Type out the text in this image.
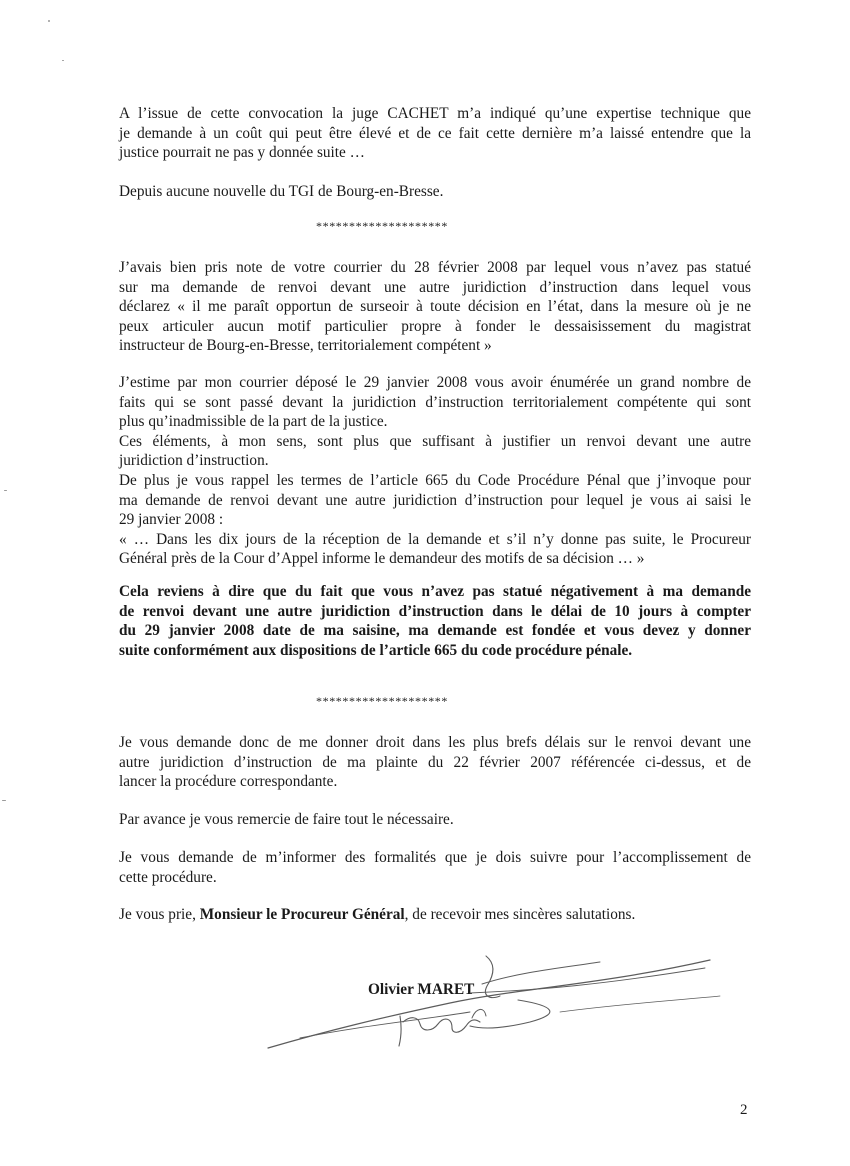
A l’issue de cette convocation la juge CACHET m’a indiqué qu’une expertise technique que
je demande à un coût qui peut être élevé et de ce fait cette dernière m’a laissé entendre que la
justice pourrait ne pas y donnée suite …

Depuis aucune nouvelle du TGI de Bourg-en-Bresse.

********************

J’avais bien pris note de votre courrier du 28 février 2008 par lequel vous n’avez pas statué
sur ma demande de renvoi devant une autre juridiction d’instruction dans lequel vous
déclarez « il me paraît opportun de surseoir à toute décision en l’état, dans la mesure où je ne
peux articuler aucun motif particulier propre à fonder le dessaisissement du magistrat
instructeur de Bourg-en-Bresse, territorialement compétent »

J’estime par mon courrier déposé le 29 janvier 2008 vous avoir énumérée un grand nombre de
faits qui se sont passé devant la juridiction d’instruction territorialement compétente qui sont
plus qu’inadmissible de la part de la justice.
Ces éléments, à mon sens, sont plus que suffisant à justifier un renvoi devant une autre
juridiction d’instruction.
De plus je vous rappel les termes de l’article 665 du Code Procédure Pénal que j’invoque pour
ma demande de renvoi devant une autre juridiction d’instruction pour lequel je vous ai saisi le
29 janvier 2008 :
« … Dans les dix jours de la réception de la demande et s’il n’y donne pas suite, le Procureur
Général près de la Cour d’Appel informe le demandeur des motifs de sa décision … »

Cela reviens à dire que du fait que vous n’avez pas statué négativement à ma demande
de renvoi devant une autre juridiction d’instruction dans le délai de 10 jours à compter
du 29 janvier 2008 date de ma saisine, ma demande est fondée et vous devez y donner
suite conformément aux dispositions de l’article 665 du code procédure pénale.

********************

Je vous demande donc de me donner droit dans les plus brefs délais sur le renvoi devant une
autre juridiction d’instruction de ma plainte du 22 février 2007 référencée ci-dessus, et de
lancer la procédure correspondante.

Par avance je vous remercie de faire tout le nécessaire.

Je vous demande de m’informer des formalités que je dois suivre pour l’accomplissement de
cette procédure.

Je vous prie, Monsieur le Procureur Général, de recevoir mes sincères salutations.

Olivier MARET
2
